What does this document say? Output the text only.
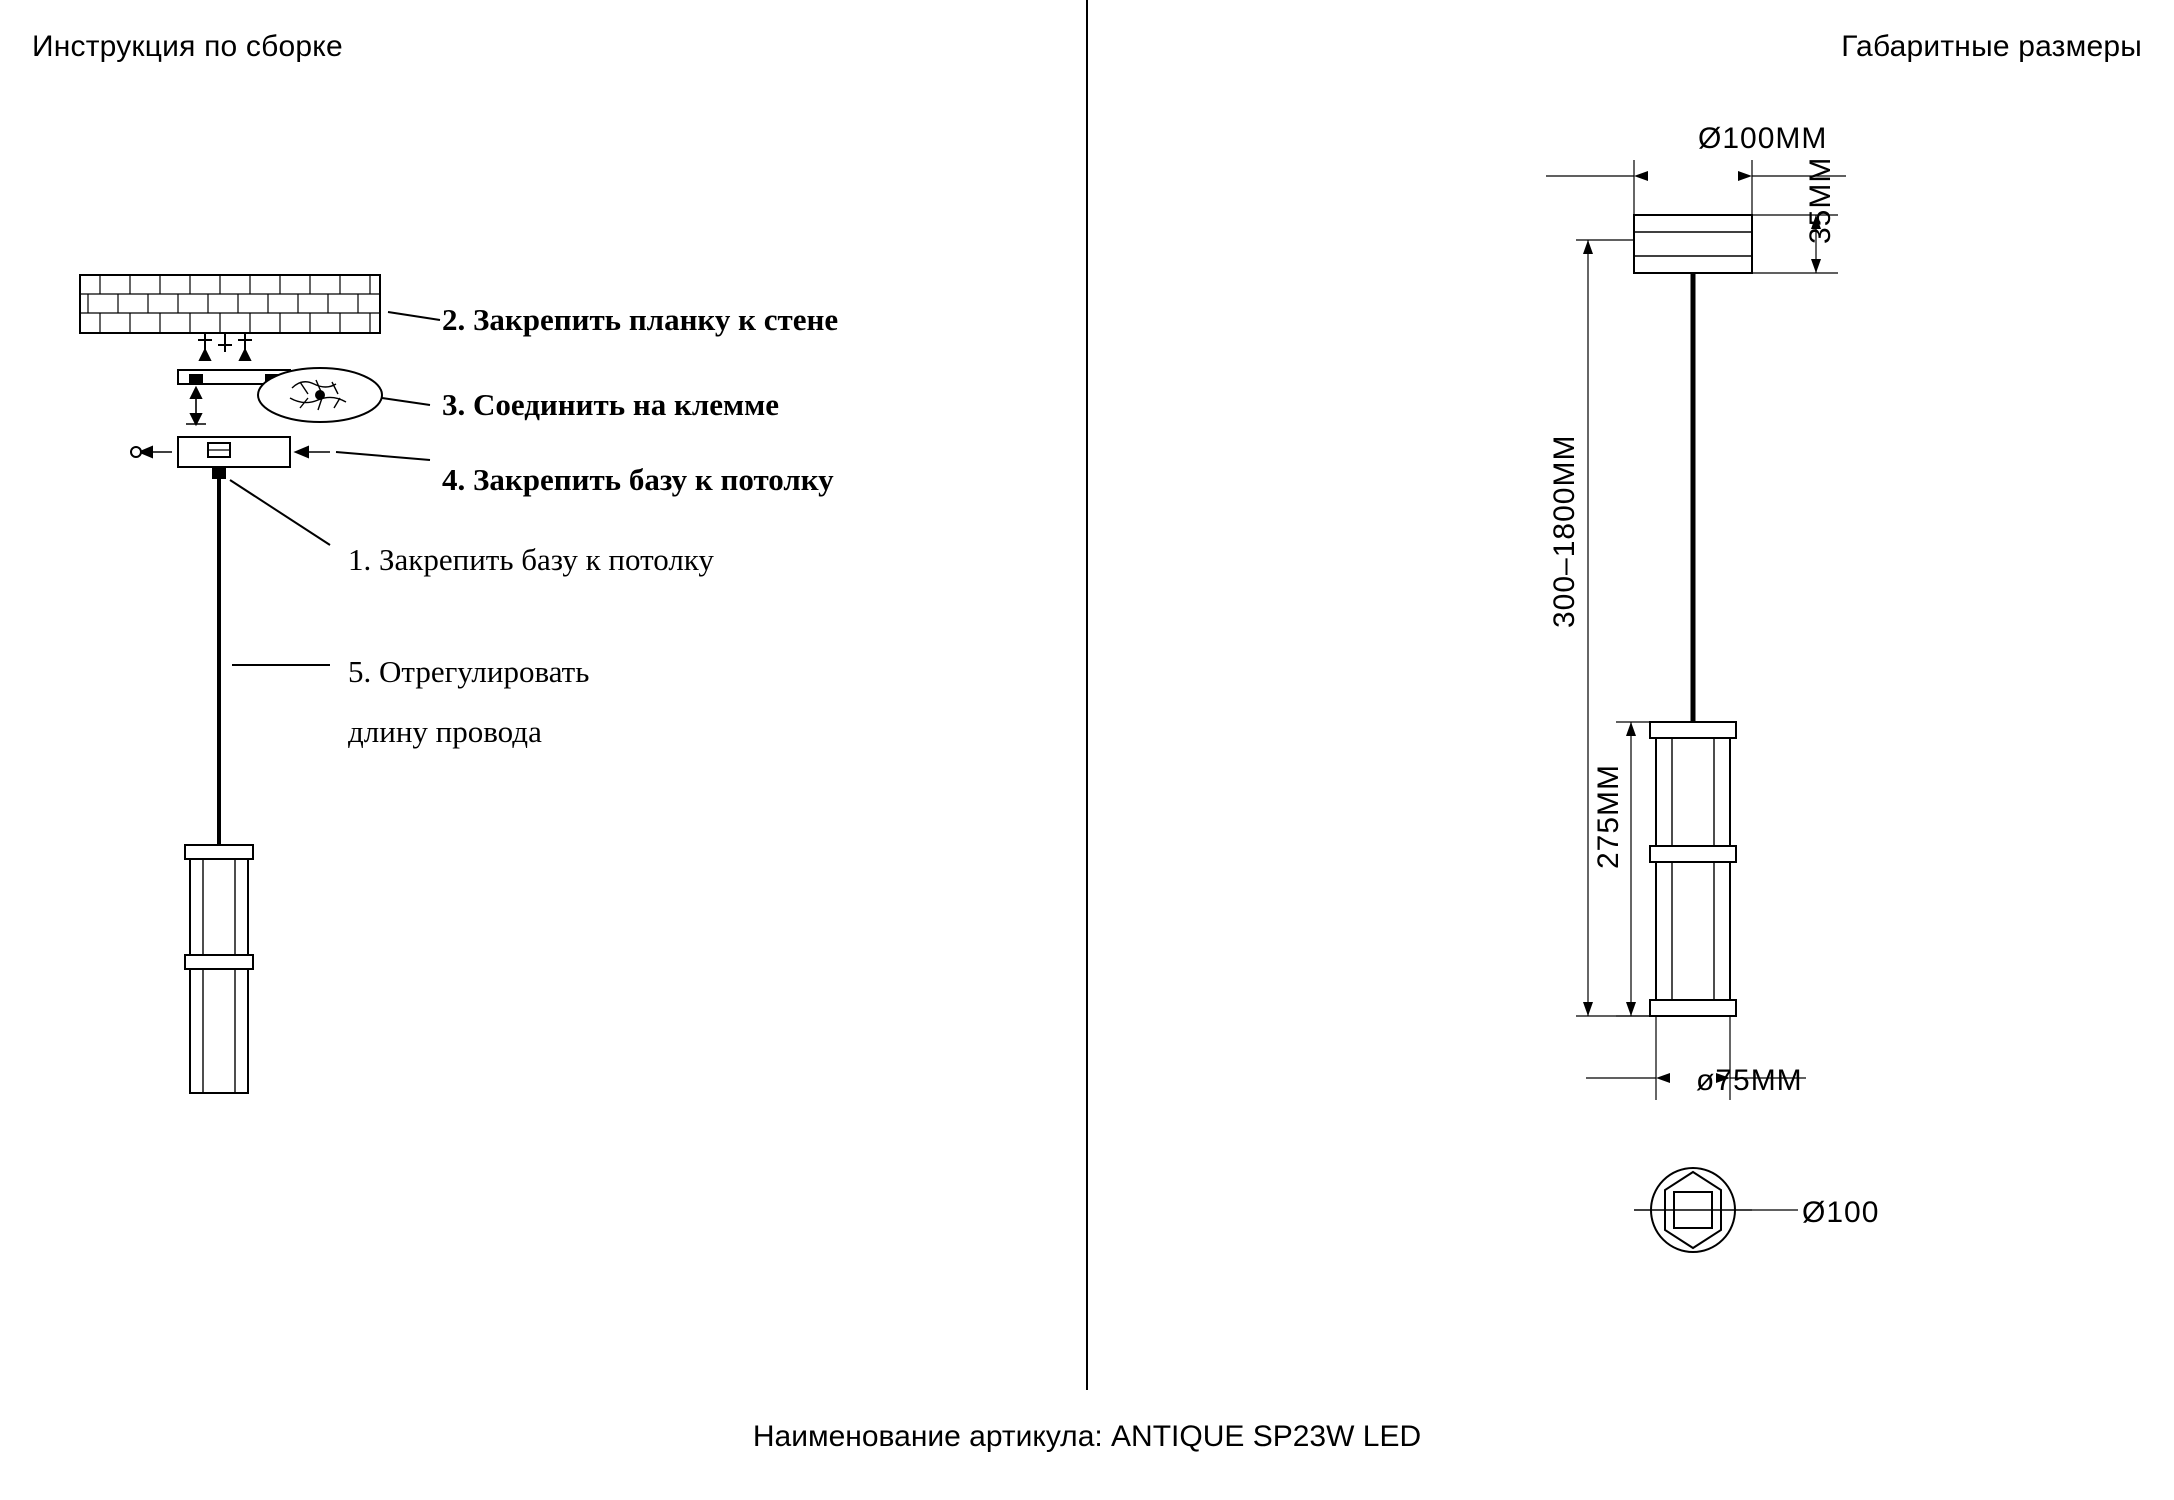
Инструкция по сборке	Габаритные размеры
2. Закрепить планку к стене
3. Соединить на клемме
4. Закрепить базу к потолку
1. Закрепить базу к потолку
5. Отрегулировать
длину провода
Ø100MM
35MM
300–1800MM
275MM
ø75MM
Ø100
Наименование артикула: ANTIQUE SP23W LED
